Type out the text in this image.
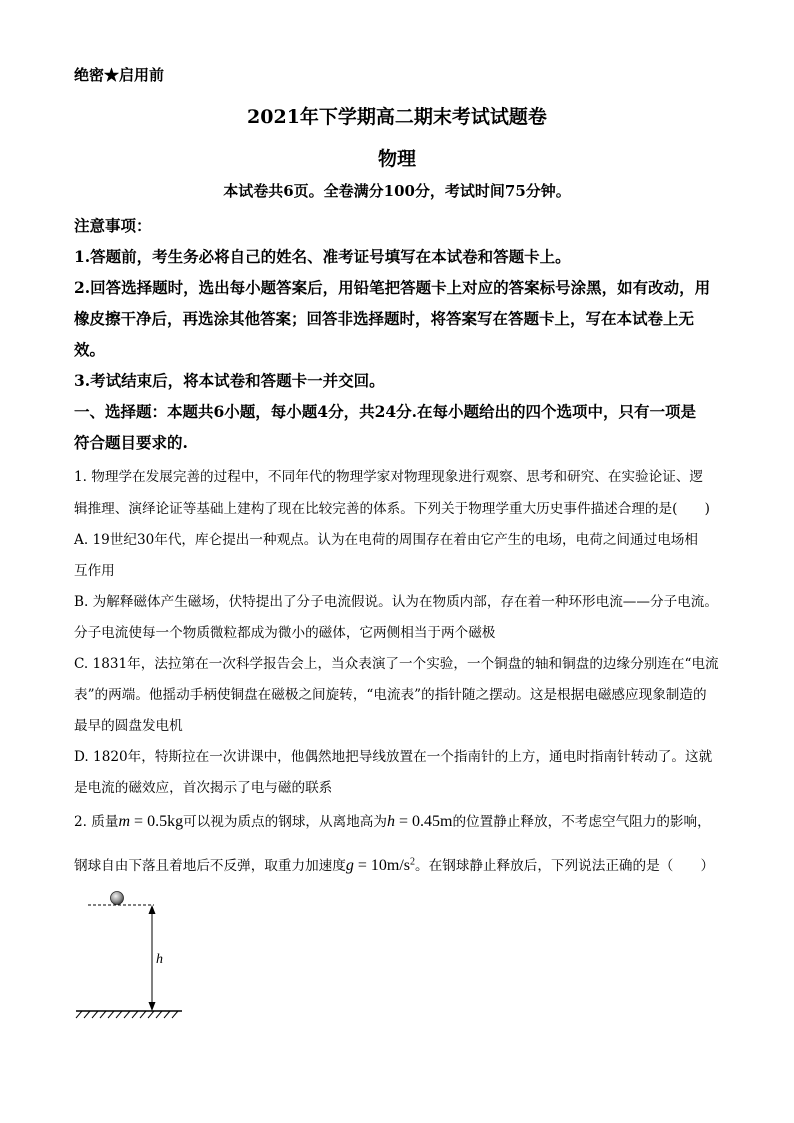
绝密★启用前
2021年下学期高二期末考试试题卷
物理
本试卷共6页。全卷满分100分，考试时间75分钟。
注意事项：
1.答题前，考生务必将自己的姓名、准考证号填写在本试卷和答题卡上。
2.回答选择题时，选出每小题答案后，用铅笔把答题卡上对应的答案标号涂黑，如有改动，用
橡皮擦干净后，再选涂其他答案；回答非选择题时，将答案写在答题卡上，写在本试卷上无
效。
3.考试结束后，将本试卷和答题卡一并交回。
一、选择题：本题共6小题，每小题4分，共24分.在每小题给出的四个选项中，只有一项是
符合题目要求的.
1. 物理学在发展完善的过程中，不同年代的物理学家对物理现象进行观察、思考和研究、在实验论证、逻
辑推理、演绎论证等基础上建构了现在比较完善的体系。下列关于物理学重大历史事件描述合理的是(　　)
A. 19世纪30年代，库仑提出一种观点。认为在电荷的周围存在着由它产生的电场，电荷之间通过电场相
互作用
B. 为解释磁体产生磁场，伏特提出了分子电流假说。认为在物质内部，存在着一种环形电流——分子电流。
分子电流使每一个物质微粒都成为微小的磁体，它两侧相当于两个磁极
C. 1831年，法拉第在一次科学报告会上，当众表演了一个实验，一个铜盘的轴和铜盘的边缘分别连在“电流
表”的两端。他摇动手柄使铜盘在磁极之间旋转，“电流表”的指针随之摆动。这是根据电磁感应现象制造的
最早的圆盘发电机
D. 1820年，特斯拉在一次讲课中，他偶然地把导线放置在一个指南针的上方，通电时指南针转动了。这就
是电流的磁效应，首次揭示了电与磁的联系
2. 质量m = 0.5kg可以视为质点的钢球，从离地高为h = 0.45m的位置静止释放，不考虑空气阻力的影响，
钢球自由下落且着地后不反弹，取重力加速度$g = 10m/s^2$。在钢球静止释放后，下列说法正确的是（　　）
h
